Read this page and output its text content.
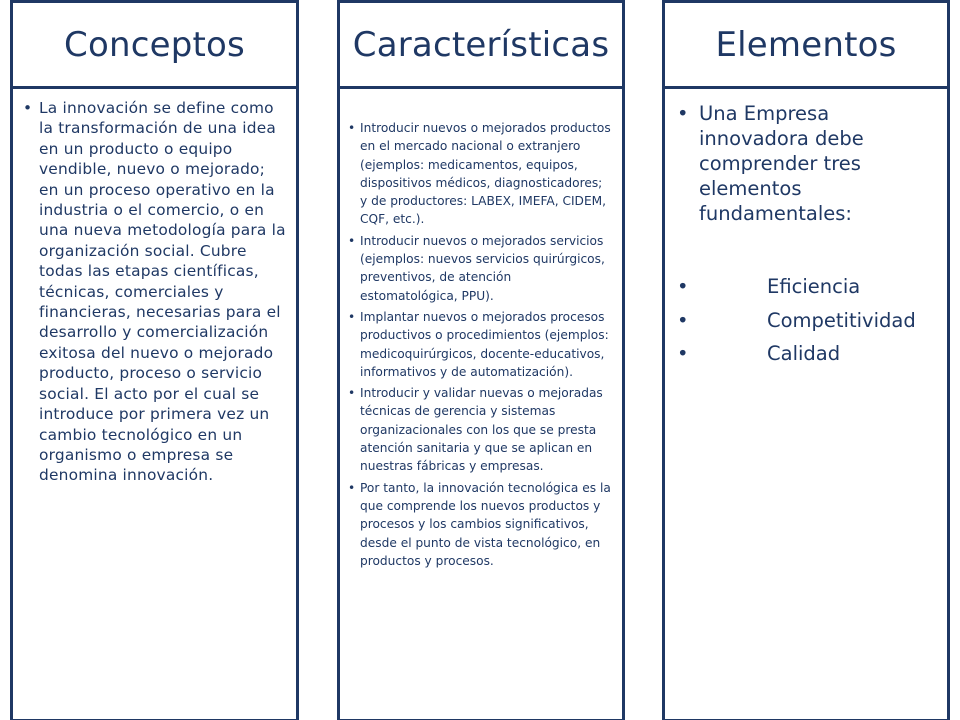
Conceptos
• La innovación se define como la transformación de una idea en un producto o equipo vendible, nuevo o mejorado; en un proceso operativo en la industria o el comercio, o en una nueva metodología para la organización social. Cubre todas las etapas científicas, técnicas, comerciales y financieras, necesarias para el desarrollo y comercialización exitosa del nuevo o mejorado producto, proceso o servicio social. El acto por el cual se introduce por primera vez un cambio tecnológico en un organismo o empresa se denomina innovación.
Características
• Introducir nuevos o mejorados productos en el mercado nacional o extranjero (ejemplos: medicamentos, equipos, dispositivos médicos, diagnosticadores; y de productores: LABEX, IMEFA, CIDEM, CQF, etc.).
• Introducir nuevos o mejorados servicios (ejemplos: nuevos servicios quirúrgicos, preventivos, de atención estomatológica, PPU).
• Implantar nuevos o mejorados procesos productivos o procedimientos (ejemplos: medicoquirúrgicos, docente-educativos, informativos y de automatización).
• Introducir y validar nuevas o mejoradas técnicas de gerencia y sistemas organizacionales con los que se presta atención sanitaria y que se aplican en nuestras fábricas y empresas.
• Por tanto, la innovación tecnológica es la que comprende los nuevos productos y procesos y los cambios significativos, desde el punto de vista tecnológico, en productos y procesos.
Elementos
• Una Empresa innovadora debe comprender tres elementos fundamentales:
• Eficiencia
• Competitividad
• Calidad
